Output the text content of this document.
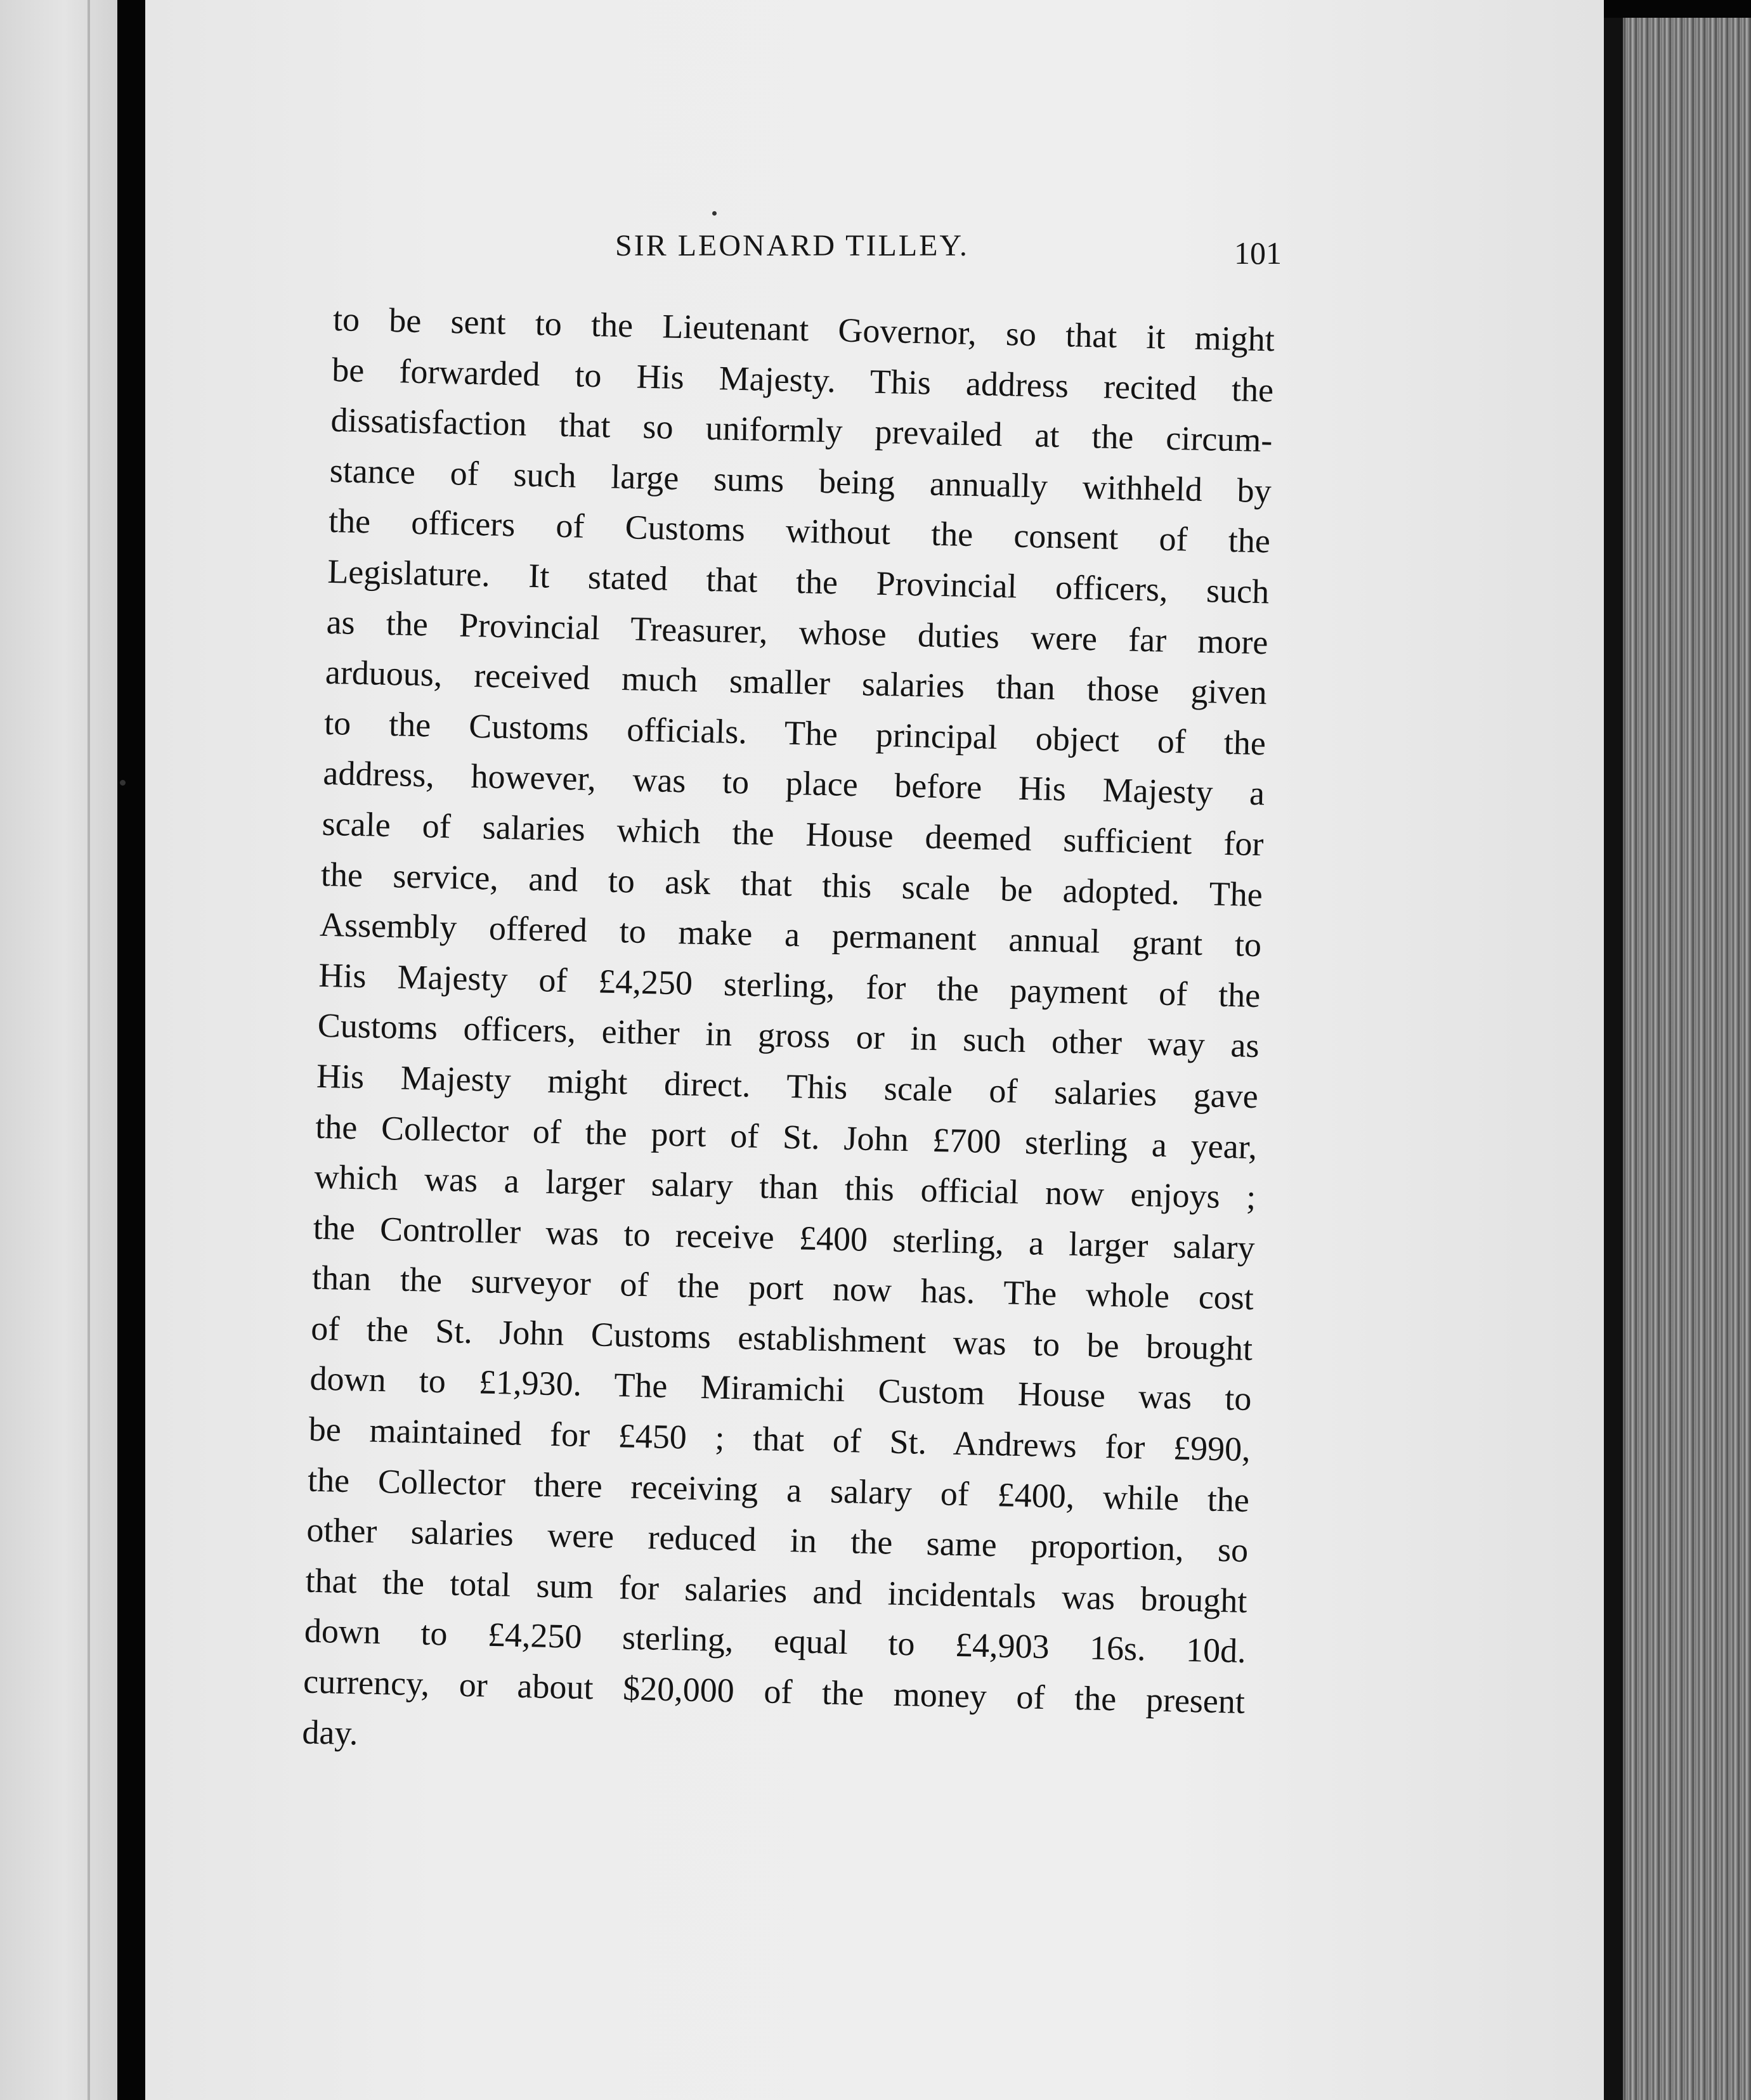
SIR LEONARD TILLEY.	101
to be sent to the Lieutenant Governor, so that it might
be forwarded to His Majesty. This address recited the
dissatisfaction that so uniformly prevailed at the circum-
stance of such large sums being annually withheld by
the officers of Customs without the consent of the
Legislature. It stated that the Provincial officers, such
as the Provincial Treasurer, whose duties were far more
arduous, received much smaller salaries than those given
to the Customs officials. The principal object of the
address, however, was to place before His Majesty a
scale of salaries which the House deemed sufficient for
the service, and to ask that this scale be adopted. The
Assembly offered to make a permanent annual grant to
His Majesty of £4,250 sterling, for the payment of the
Customs officers, either in gross or in such other way as
His Majesty might direct. This scale of salaries gave
the Collector of the port of St. John £700 sterling a year,
which was a larger salary than this official now enjoys ;
the Controller was to receive £400 sterling, a larger salary
than the surveyor of the port now has. The whole cost
of the St. John Customs establishment was to be brought
down to £1,930. The Miramichi Custom House was to
be maintained for £450 ; that of St. Andrews for £990,
the Collector there receiving a salary of £400, while the
other salaries were reduced in the same proportion, so
that the total sum for salaries and incidentals was brought
down to £4,250 sterling, equal to £4,903 16s. 10d.
currency, or about $20,000 of the money of the present
day.
